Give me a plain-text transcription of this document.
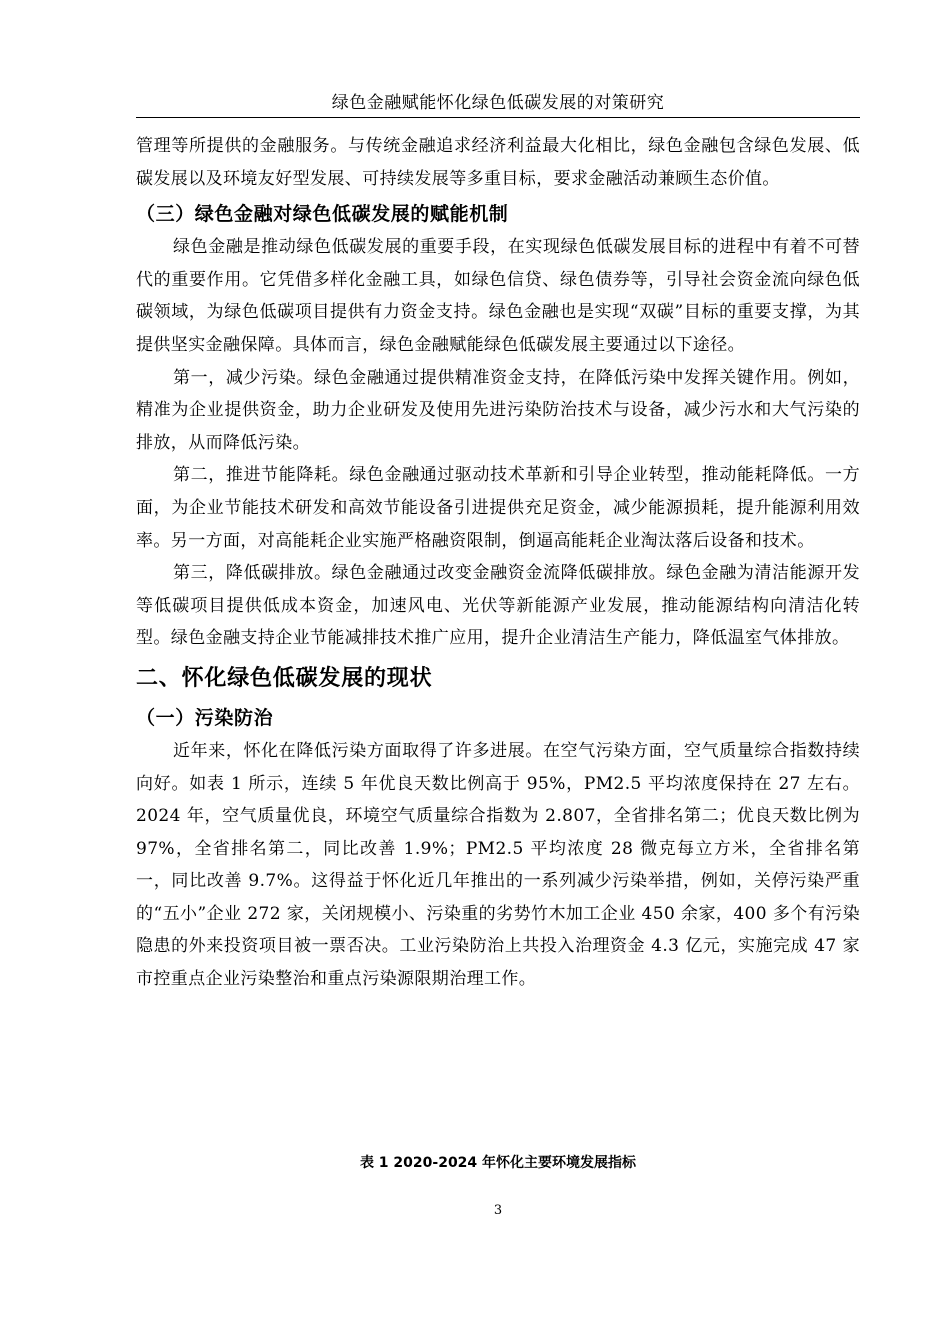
绿色金融赋能怀化绿色低碳发展的对策研究

管理等所提供的金融服务。与传统金融追求经济利益最大化相比，绿色金融包含绿色发展、低碳发展以及环境友好型发展、可持续发展等多重目标，要求金融活动兼顾生态价值。

（三）绿色金融对绿色低碳发展的赋能机制

绿色金融是推动绿色低碳发展的重要手段，在实现绿色低碳发展目标的进程中有着不可替代的重要作用。它凭借多样化金融工具，如绿色信贷、绿色债券等，引导社会资金流向绿色低碳领域，为绿色低碳项目提供有力资金支持。绿色金融也是实现“双碳”目标的重要支撑，为其提供坚实金融保障。具体而言，绿色金融赋能绿色低碳发展主要通过以下途径。

第一，减少污染。绿色金融通过提供精准资金支持，在降低污染中发挥关键作用。例如，精准为企业提供资金，助力企业研发及使用先进污染防治技术与设备，减少污水和大气污染的排放，从而降低污染。

第二，推进节能降耗。绿色金融通过驱动技术革新和引导企业转型，推动能耗降低。一方面，为企业节能技术研发和高效节能设备引进提供充足资金，减少能源损耗，提升能源利用效率。另一方面，对高能耗企业实施严格融资限制，倒逼高能耗企业淘汰落后设备和技术。

第三，降低碳排放。绿色金融通过改变金融资金流降低碳排放。绿色金融为清洁能源开发等低碳项目提供低成本资金，加速风电、光伏等新能源产业发展，推动能源结构向清洁化转型。绿色金融支持企业节能减排技术推广应用，提升企业清洁生产能力，降低温室气体排放。

二、怀化绿色低碳发展的现状
（一）污染防治

近年来，怀化在降低污染方面取得了许多进展。在空气污染方面，空气质量综合指数持续向好。如表 1 所示，连续 5 年优良天数比例高于 95%，PM2.5 平均浓度保持在 27 左右。2024 年，空气质量优良，环境空气质量综合指数为 2.807，全省排名第二；优良天数比例为 97%，全省排名第二，同比改善 1.9%；PM2.5 平均浓度 28 微克每立方米，全省排名第一，同比改善 9.7%。这得益于怀化近几年推出的一系列减少污染举措，例如，关停污染严重的“五小”企业 272 家，关闭规模小、污染重的劣势竹木加工企业 450 余家，400 多个有污染隐患的外来投资项目被一票否决。工业污染防治上共投入治理资金 4.3 亿元，实施完成 47 家市控重点企业污染整治和重点污染源限期治理工作。

表 1 2020-2024 年怀化主要环境发展指标
3
